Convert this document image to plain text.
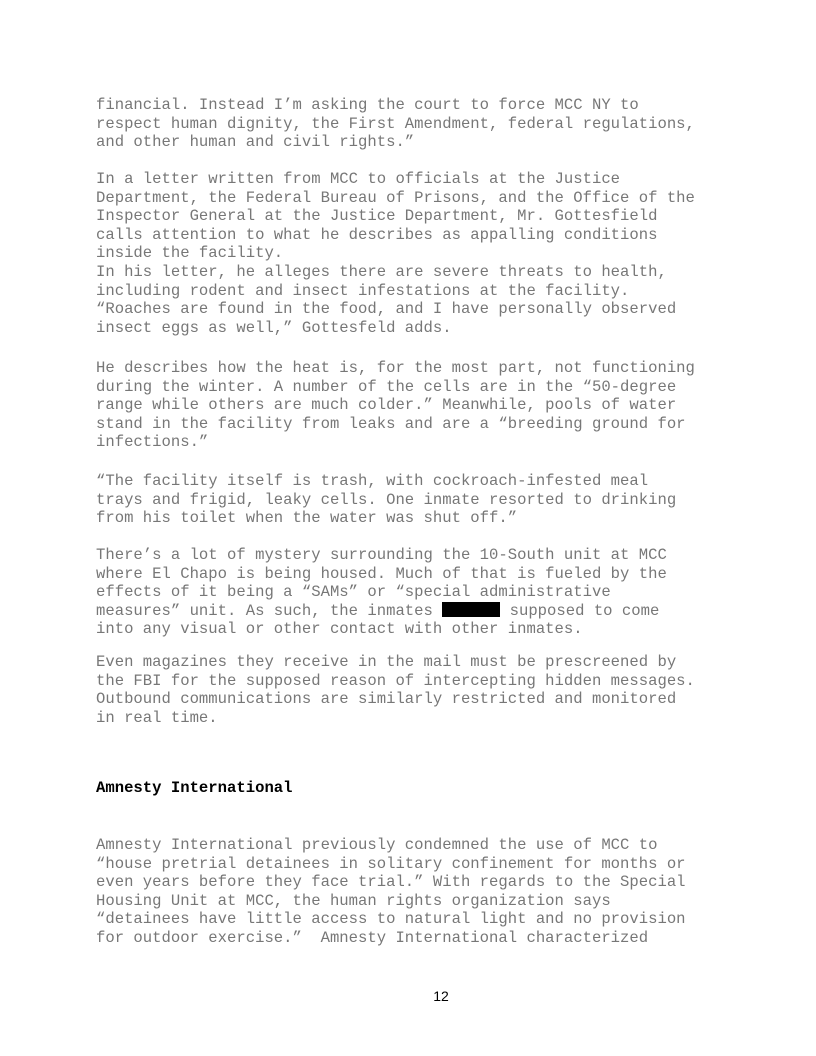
financial. Instead I’m asking the court to force MCC NY to
respect human dignity, the First Amendment, federal regulations,
and other human and civil rights.”

In a letter written from MCC to officials at the Justice
Department, the Federal Bureau of Prisons, and the Office of the
Inspector General at the Justice Department, Mr. Gottesfield
calls attention to what he describes as appalling conditions
inside the facility.
In his letter, he alleges there are severe threats to health,
including rodent and insect infestations at the facility.
“Roaches are found in the food, and I have personally observed
insect eggs as well,” Gottesfeld adds.

He describes how the heat is, for the most part, not functioning
during the winter. A number of the cells are in the “50-degree
range while others are much colder.” Meanwhile, pools of water
stand in the facility from leaks and are a “breeding ground for
infections.”

“The facility itself is trash, with cockroach-infested meal
trays and frigid, leaky cells. One inmate resorted to drinking
from his toilet when the water was shut off.”

There’s a lot of mystery surrounding the 10-South unit at MCC
where El Chapo is being housed. Much of that is fueled by the
effects of it being a “SAMs” or “special administrative
measures” unit. As such, the inmates	supposed to come
into any visual or other contact with other inmates.

Even magazines they receive in the mail must be prescreened by
the FBI for the supposed reason of intercepting hidden messages.
Outbound communications are similarly restricted and monitored
in real time.

Amnesty International

Amnesty International previously condemned the use of MCC to
“house pretrial detainees in solitary confinement for months or
even years before they face trial.” With regards to the Special
Housing Unit at MCC, the human rights organization says
“detainees have little access to natural light and no provision
for outdoor exercise.”  Amnesty International characterized

12
